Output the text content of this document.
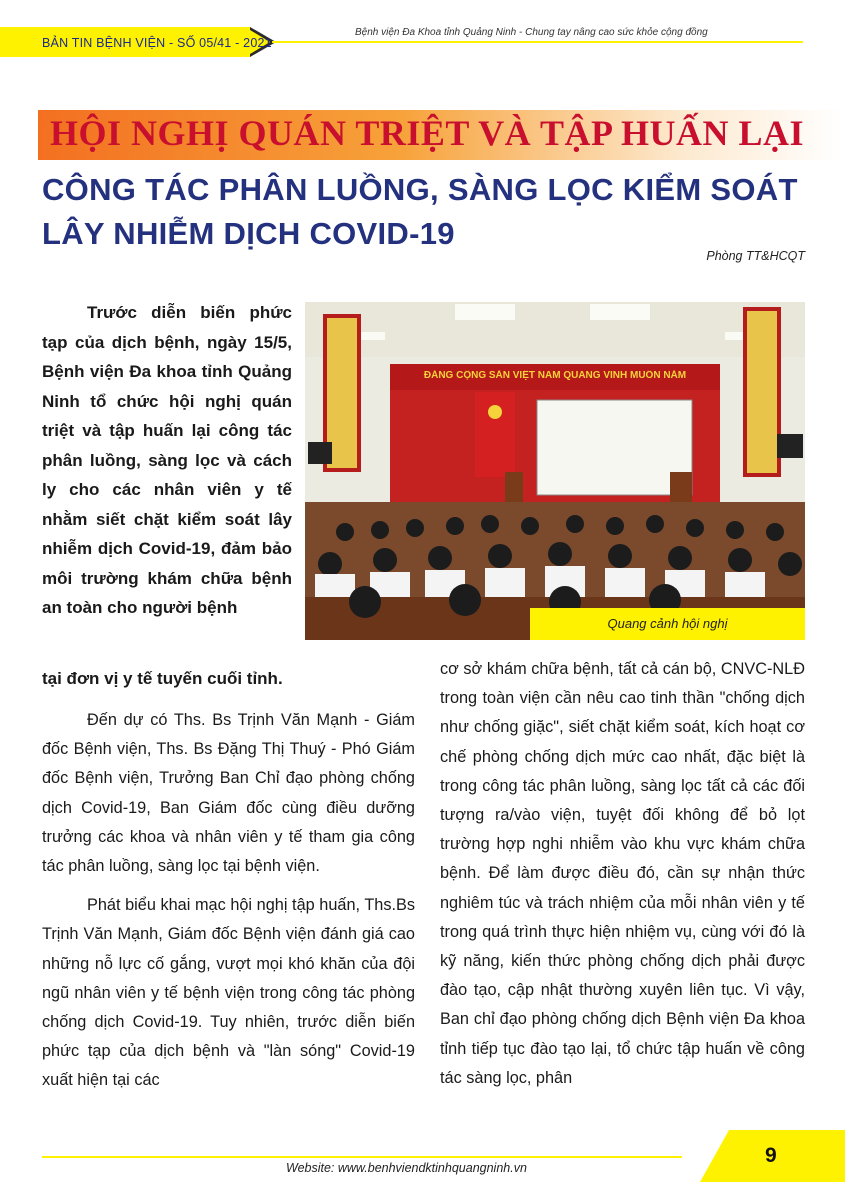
BẢN TIN BỆNH VIỆN - SỐ 05/41 - 2021
Bệnh viện Đa Khoa tỉnh Quảng Ninh - Chung tay nâng cao sức khỏe cộng đồng
HỘI NGHỊ QUÁN TRIỆT VÀ TẬP HUẤN LẠI
CÔNG TÁC PHÂN LUỒNG, SÀNG LỌC KIỂM SOÁT LÂY NHIỄM DỊCH COVID-19
Phòng TT&HCQT
Trước diễn biến phức tạp của dịch bệnh, ngày 15/5, Bệnh viện Đa khoa tỉnh Quảng Ninh tổ chức hội nghị quán triệt và tập huấn lại công tác phân luồng, sàng lọc và cách ly cho các nhân viên y tế nhằm siết chặt kiểm soát lây nhiễm dịch Covid-19, đảm bảo môi trường khám chữa bệnh an toàn cho người bệnh
tại đơn vị y tế tuyến cuối tỉnh.
ĐẢNG CỘNG SẢN VIỆT NAM QUANG VINH MUÔN NĂM
Quang cảnh hội nghị

Đến dự có Ths. Bs Trịnh Văn Mạnh - Giám đốc Bệnh viện, Ths. Bs Đặng Thị Thuý - Phó Giám đốc Bệnh viện, Trưởng Ban Chỉ đạo phòng chống dịch Covid-19, Ban Giám đốc cùng điều dưỡng trưởng các khoa và nhân viên y tế tham gia công tác phân luồng, sàng lọc tại bệnh viện.

Phát biểu khai mạc hội nghị tập huấn, Ths.Bs Trịnh Văn Mạnh, Giám đốc Bệnh viện đánh giá cao những nỗ lực cố gắng, vượt mọi khó khăn của đội ngũ nhân viên y tế bệnh viện trong công tác phòng chống dịch Covid-19. Tuy nhiên, trước diễn biến phức tạp của dịch bệnh và "làn sóng" Covid-19 xuất hiện tại các

cơ sở khám chữa bệnh, tất cả cán bộ, CNVC-NLĐ trong toàn viện cần nêu cao tinh thần "chống dịch như chống giặc", siết chặt kiểm soát, kích hoạt cơ chế phòng chống dịch mức cao nhất, đặc biệt là trong công tác phân luồng, sàng lọc tất cả các đối tượng ra/vào viện, tuyệt đối không để bỏ lọt trường hợp nghi nhiễm vào khu vực khám chữa bệnh. Để làm được điều đó, cần sự nhận thức nghiêm túc và trách nhiệm của mỗi nhân viên y tế trong quá trình thực hiện nhiệm vụ, cùng với đó là kỹ năng, kiến thức phòng chống dịch phải được đào tạo, cập nhật thường xuyên liên tục. Vì vậy, Ban chỉ đạo phòng chống dịch Bệnh viện Đa khoa tỉnh tiếp tục đào tạo lại, tổ chức tập huấn về công tác sàng lọc, phân

Website: www.benhviendktinhquangninh.vn
9
